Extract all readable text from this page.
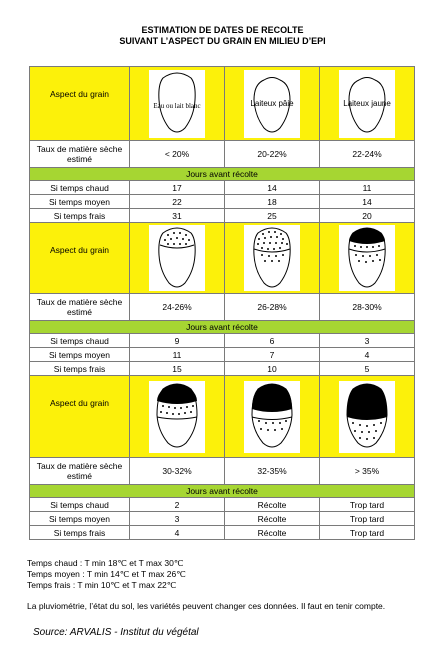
ESTIMATION DE DATES DE RECOLTE
SUIVANT L’ASPECT DU GRAIN EN MILIEU D’EPI
Aspect du grain	Eau ou lait blanc	Laiteux pâie	Laiteux jaune

Taux de matière sèche estimé	< 20%	20-22%	22-24%
Jours avant récolte			
Si temps chaud	17	14	11
Si temps moyen	22	18	14
Si temps frais	31	25	20

Aspect du grain

Taux de matière sèche estimé	24-26%	26-28%	28-30%
Jours avant récolte			
Si temps chaud	9	6	3
Si temps moyen	11	7	4
Si temps frais	15	10	5

Aspect du grain

Taux de matière sèche estimé	30-32%	32-35%	> 35%
Jours avant récolte			
Si temps chaud	2	Récolte	Trop tard
Si temps moyen	3	Récolte	Trop tard
Si temps frais	4	Récolte	Trop tard
Temps chaud : T min 18℃ et T max 30℃
Temps moyen : T min 14℃ et T max 26℃
Temps frais : T min 10℃ et T max 22℃
La pluviométrie, l’état du sol, les variétés peuvent changer ces données. Il faut en tenir compte.
Source: ARVALIS - Institut du végétal
